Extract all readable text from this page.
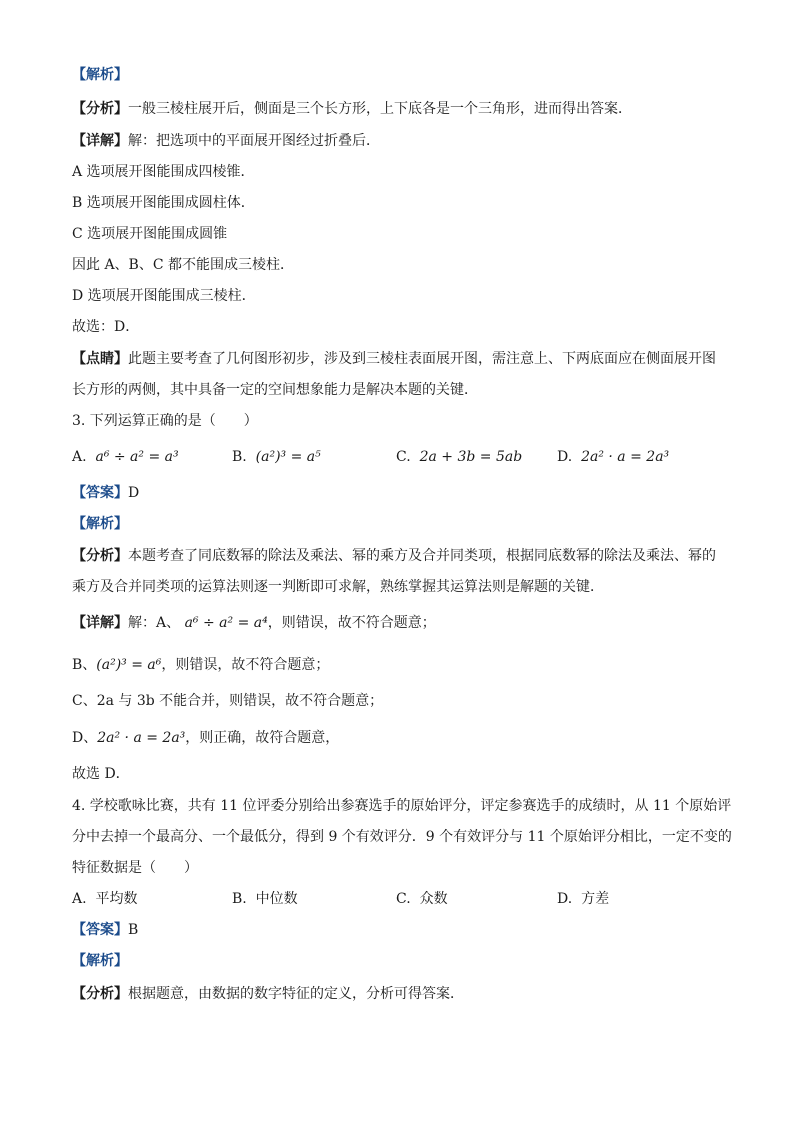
【解析】
【分析】一般三棱柱展开后，侧面是三个长方形，上下底各是一个三角形，进而得出答案．
【详解】解：把选项中的平面展开图经过折叠后．
A 选项展开图能围成四棱锥．
B 选项展开图能围成圆柱体．
C 选项展开图能围成圆锥
因此 A、B、C 都不能围成三棱柱．
D 选项展开图能围成三棱柱．
故选：D．
【点睛】此题主要考查了几何图形初步，涉及到三棱柱表面展开图，需注意上、下两底面应在侧面展开图
长方形的两侧，其中具备一定的空间想象能力是解决本题的关键．
3. 下列运算正确的是（　　）
A. a⁶ ÷ a² = a³	B. (a²)³ = a⁵	C. 2a + 3b = 5ab D. 2a² · a = 2a³
【答案】D
【解析】
【分析】本题考查了同底数幂的除法及乘法、幂的乘方及合并同类项，根据同底数幂的除法及乘法、幂的
乘方及合并同类项的运算法则逐一判断即可求解，熟练掌握其运算法则是解题的关键．
【详解】解：A、 a⁶ ÷ a² = a⁴，则错误，故不符合题意；
B、(a²)³ = a⁶，则错误，故不符合题意；
C、2a 与 3b 不能合并，则错误，故不符合题意；
D、2a² · a = 2a³，则正确，故符合题意，
故选 D．
4. 学校歌咏比赛，共有 11 位评委分别给出参赛选手的原始评分，评定参赛选手的成绩时，从 11 个原始评
分中去掉一个最高分、一个最低分，得到 9 个有效评分．9 个有效评分与 11 个原始评分相比，一定不变的
特征数据是（　　）
A. 平均数	B. 中位数	C. 众数	D. 方差
【答案】B
【解析】
【分析】根据题意，由数据的数字特征的定义，分析可得答案．
